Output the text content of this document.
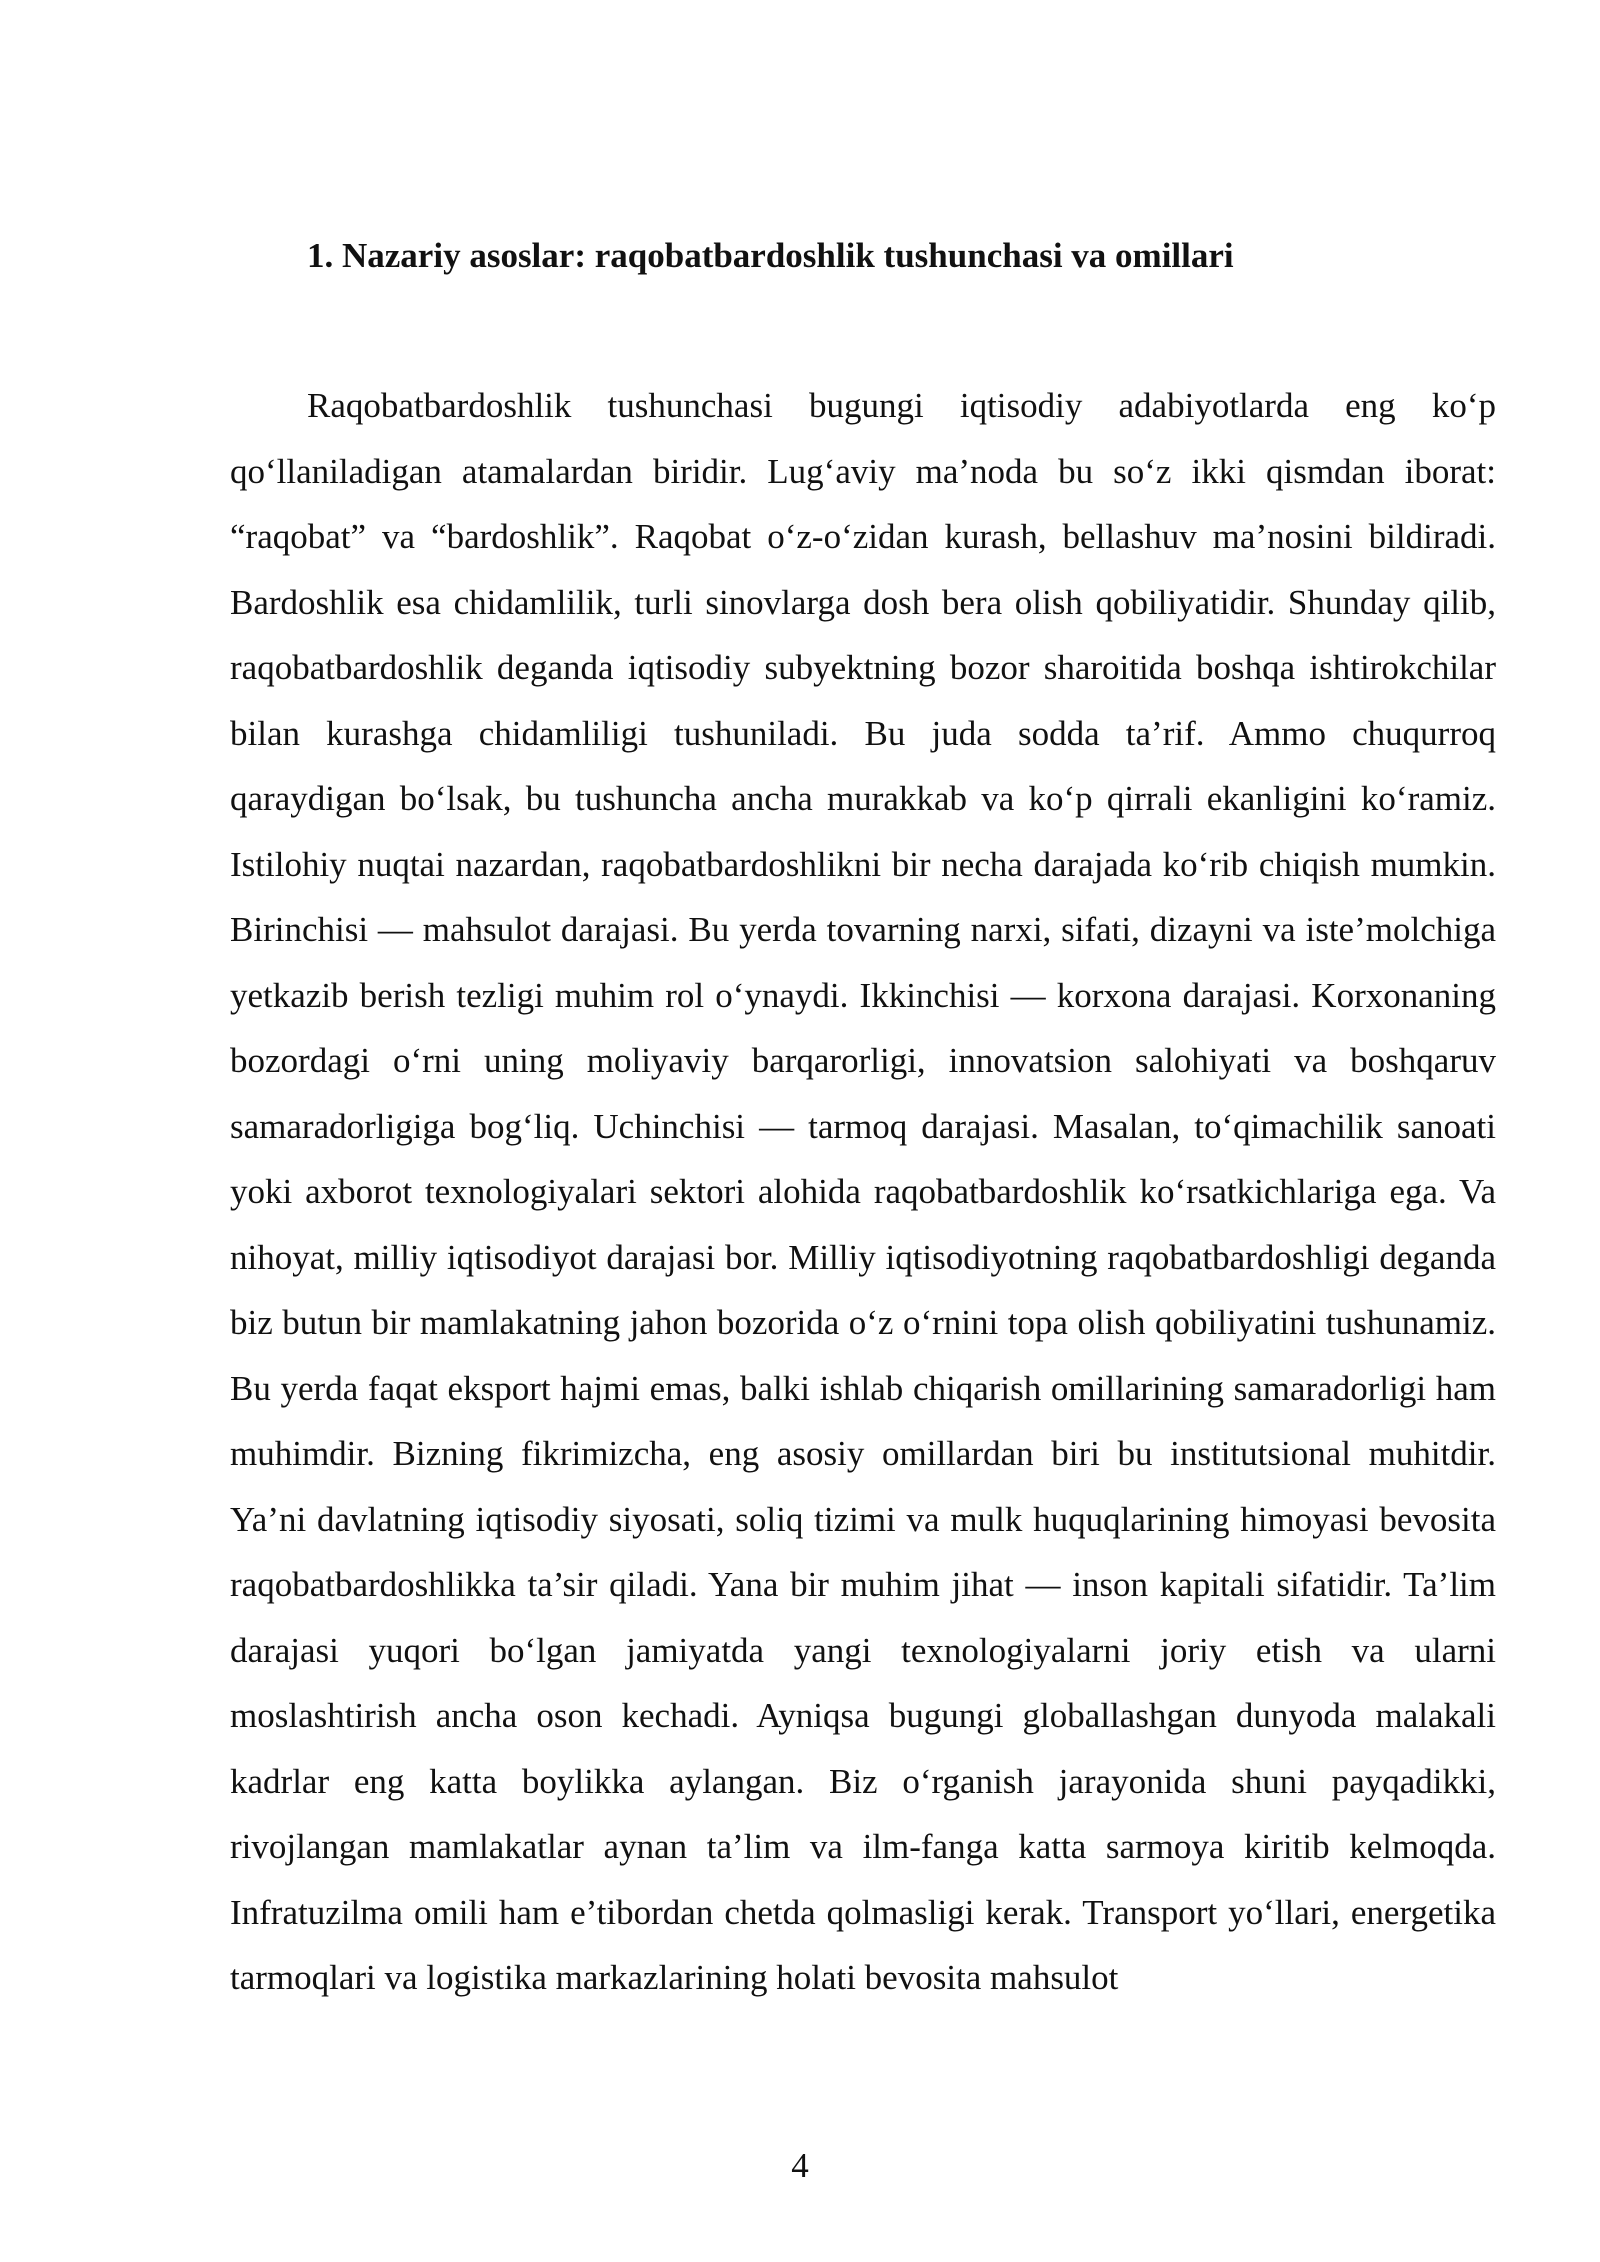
1. Nazariy asoslar: raqobatbardoshlik tushunchasi va omillari

Raqobatbardoshlik tushunchasi bugungi iqtisodiy adabiyotlarda eng ko‘p qo‘llaniladigan atamalardan biridir. Lug‘aviy ma’noda bu so‘z ikki qismdan iborat: “raqobat” va “bardoshlik”. Raqobat o‘z-o‘zidan kurash, bellashuv ma’nosini bildiradi. Bardoshlik esa chidamlilik, turli sinovlarga dosh bera olish qobiliyatidir. Shunday qilib, raqobatbardoshlik deganda iqtisodiy subyektning bozor sharoitida boshqa ishtirokchilar bilan kurashga chidamliligi tushuniladi. Bu juda sodda ta’rif. Ammo chuqurroq qaraydigan bo‘lsak, bu tushuncha ancha murakkab va ko‘p qirrali ekanligini ko‘ramiz. Istilohiy nuqtai nazardan, raqobatbardoshlikni bir necha darajada ko‘rib chiqish mumkin. Birinchisi — mahsulot darajasi. Bu yerda tovarning narxi, sifati, dizayni va iste’molchiga yetkazib berish tezligi muhim rol o‘ynaydi. Ikkinchisi — korxona darajasi. Korxonaning bozordagi o‘rni uning moliyaviy barqarorligi, innovatsion salohiyati va boshqaruv samaradorligiga bog‘liq. Uchinchisi — tarmoq darajasi. Masalan, to‘qimachilik sanoati yoki axborot texnologiyalari sektori alohida raqobatbardoshlik ko‘rsatkichlariga ega. Va nihoyat, milliy iqtisodiyot darajasi bor. Milliy iqtisodiyotning raqobatbardoshligi deganda biz butun bir mamlakatning jahon bozorida o‘z o‘rnini topa olish qobiliyatini tushunamiz. Bu yerda faqat eksport hajmi emas, balki ishlab chiqarish omillarining samaradorligi ham muhimdir. Bizning fikrimizcha, eng asosiy omillardan biri bu institutsional muhitdir. Ya’ni davlatning iqtisodiy siyosati, soliq tizimi va mulk huquqlarining himoyasi bevosita raqobatbardoshlikka ta’sir qiladi. Yana bir muhim jihat — inson kapitali sifatidir. Ta’lim darajasi yuqori bo‘lgan jamiyatda yangi texnologiyalarni joriy etish va ularni moslashtirish ancha oson kechadi. Ayniqsa bugungi globallashgan dunyoda malakali kadrlar eng katta boylikka aylangan. Biz o‘rganish jarayonida shuni payqadikki, rivojlangan mamlakatlar aynan ta’lim va ilm-fanga katta sarmoya kiritib kelmoqda. Infratuzilma omili ham e’tibordan chetda qolmasligi kerak. Transport yo‘llari, energetika tarmoqlari va logistika markazlarining holati bevosita mahsulot

4
